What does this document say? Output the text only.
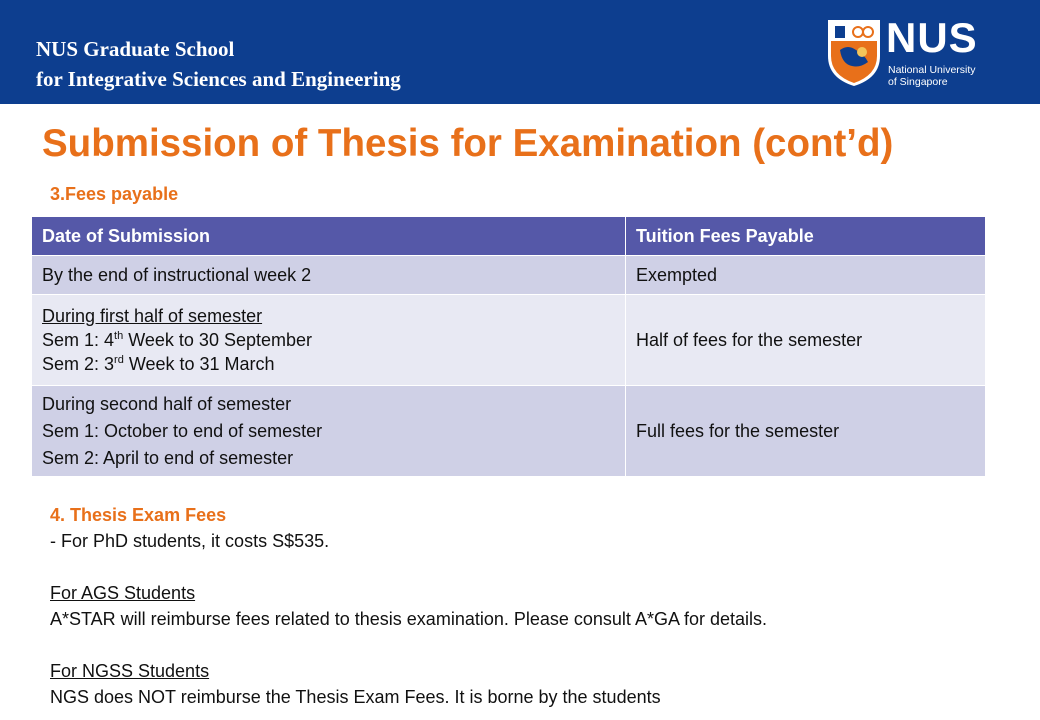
NUS Graduate School
for Integrative Sciences and Engineering
NUS
National University
of Singapore
Submission of Thesis for Examination (cont’d)
3.Fees payable
Date of Submission	Tuition Fees Payable
By the end of instructional week 2	Exempted

During first half of semester
Sem 1: 4th Week to 30 September
Sem 2: 3rd Week to 31 March	Half of fees for the semester

During second half of semester
Sem 1: October to end of semester
Sem 2: April to end of semester	Full fees for the semester
4. Thesis Exam Fees
- For PhD students, it costs S$535.
For AGS Students
A*STAR will reimburse fees related to thesis examination. Please consult A*GA for details.
For NGSS Students
NGS does NOT reimburse the Thesis Exam Fees. It is borne by the students
